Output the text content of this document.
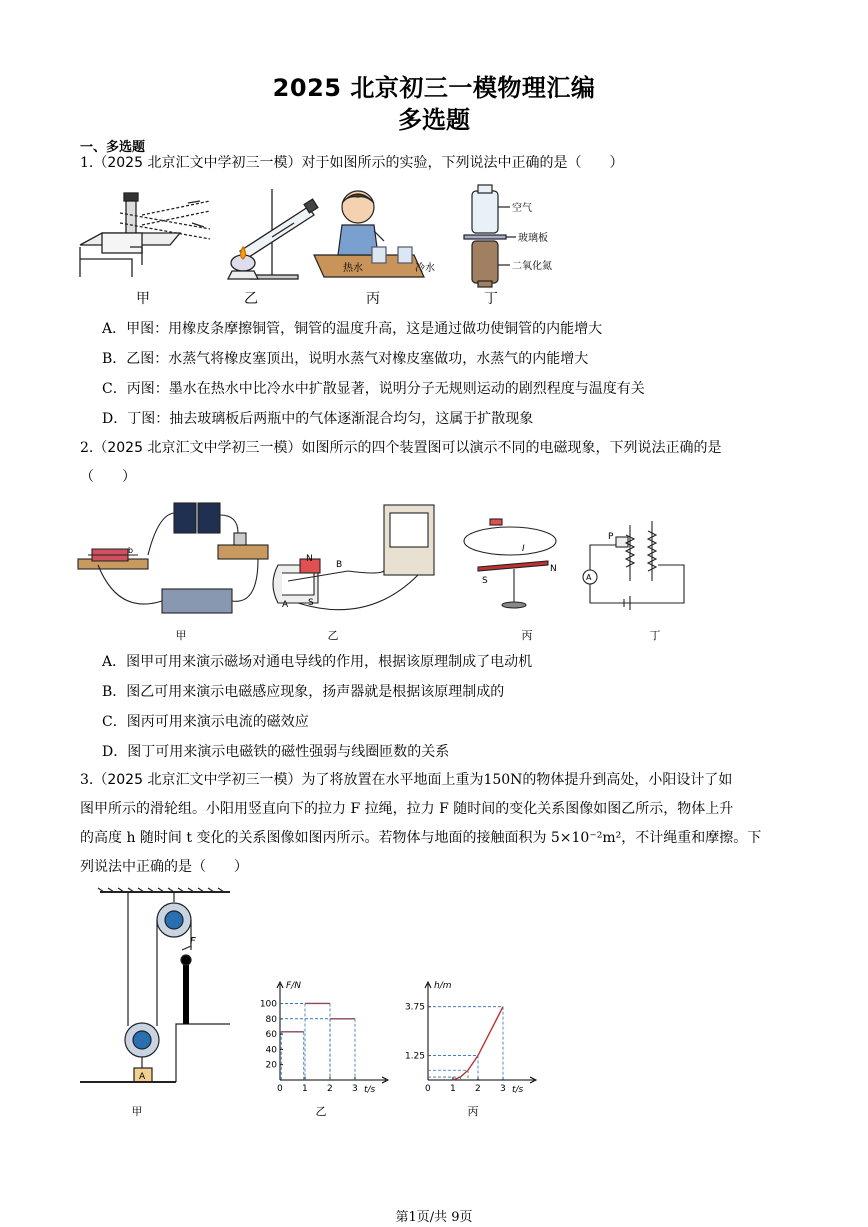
2025 北京初三一模物理汇编
多选题
一、多选题
1.（2025 北京汇文中学初三一模）对于如图所示的实验，下列说法中正确的是（　　）
热水	冷水
空气
玻璃板
二氧化氮
甲	乙	丙	丁
A．甲图：用橡皮条摩擦铜管，铜管的温度升高，这是通过做功使铜管的内能增大
B．乙图：水蒸气将橡皮塞顶出，说明水蒸气对橡皮塞做功，水蒸气的内能增大
C．丙图：墨水在热水中比冷水中扩散显著，说明分子无规则运动的剧烈程度与温度有关
D．丁图：抽去玻璃板后两瓶中的气体逐渐混合均匀，这属于扩散现象
2.（2025 北京汇文中学初三一模）如图所示的四个装置图可以演示不同的电磁现象，下列说法正确的是
（　　）
b
N
S
A
B
I
S
N
A
P
甲	乙	丙	丁
A．图甲可用来演示磁场对通电导线的作用，根据该原理制成了电动机
B．图乙可用来演示电磁感应现象，扬声器就是根据该原理制成的
C．图丙可用来演示电流的磁效应
D．图丁可用来演示电磁铁的磁性强弱与线圈匝数的关系
3.（2025 北京汇文中学初三一模）为了将放置在水平地面上重为150N的物体提升到高处，小阳设计了如
图甲所示的滑轮组。小阳用竖直向下的拉力 F 拉绳，拉力 F 随时间的变化关系图像如图乙所示，物体上升
的高度 h 随时间 t 变化的关系图像如图丙所示。若物体与地面的接触面积为 5×10⁻²m²，不计绳重和摩擦。下
列说法中正确的是（　　）
A
F
F/N
t/s
0 1 2 3
20
40
60
80
100
h/m
t/s
0 1 2 3
1.25
3.75
甲	乙	丙
第1页/共 9页
